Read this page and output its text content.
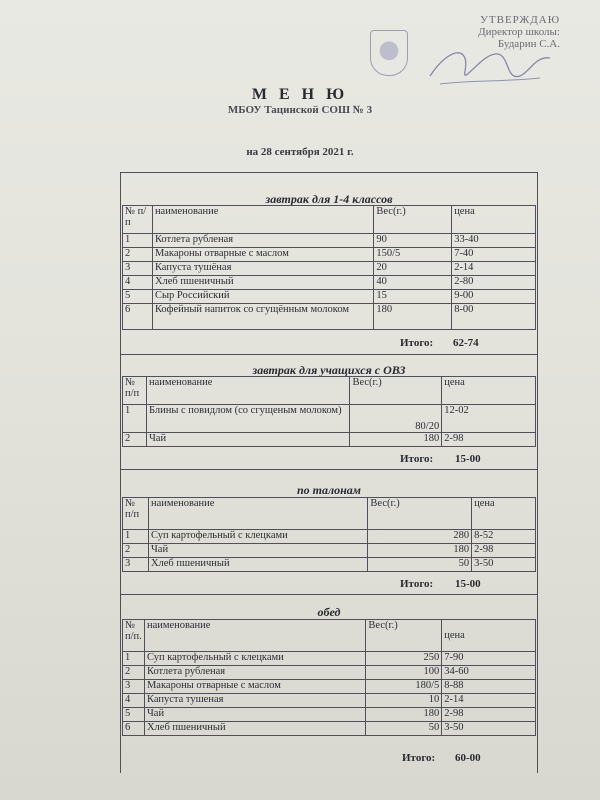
УТВЕРЖДАЮ
Директор школы:
Бударин С.А.
М Е Н Ю
МБОУ Тацинской СОШ № 3
на 28 сентября 2021 г.
завтрак для 1-4 классов
№ п/п	наименование	Вес(г.)	цена
1	Котлета рубленая	90	33-40
2	Макароны отварные с маслом	150/5	7-40
3	Капуста тушёная	20	2-14
4	Хлеб пшеничный	40	2-80
5	Сыр Российский	15	9-00
6	Кофейный напиток со сгущённым молоком	180	8-00
Итого: 62-74
завтрак для учащихся с ОВЗ
№ п/п	наименование	Вес(г.)	цена
1	Блины с повидлом (со сгущеным молоком)	80/20	12-02
2	Чай	180	2-98
Итого: 15-00
по талонам
№ п/п	наименование	Вес(г.)	цена
1	Суп картофельный с клецками	280	8-52
2	Чай	180	2-98
3	Хлеб пшеничный	50	3-50
Итого: 15-00
обед
№ п/п.	наименование	Вес(г.)	цена
1	Суп картофельный с клецками	250	7-90
2	Котлета рубленая	100	34-60
3	Макароны отварные с маслом	180/5	8-88
4	Капуста тушеная	10	2-14
5	Чай	180	2-98
6	Хлеб пшеничный	50	3-50
Итого: 60-00
